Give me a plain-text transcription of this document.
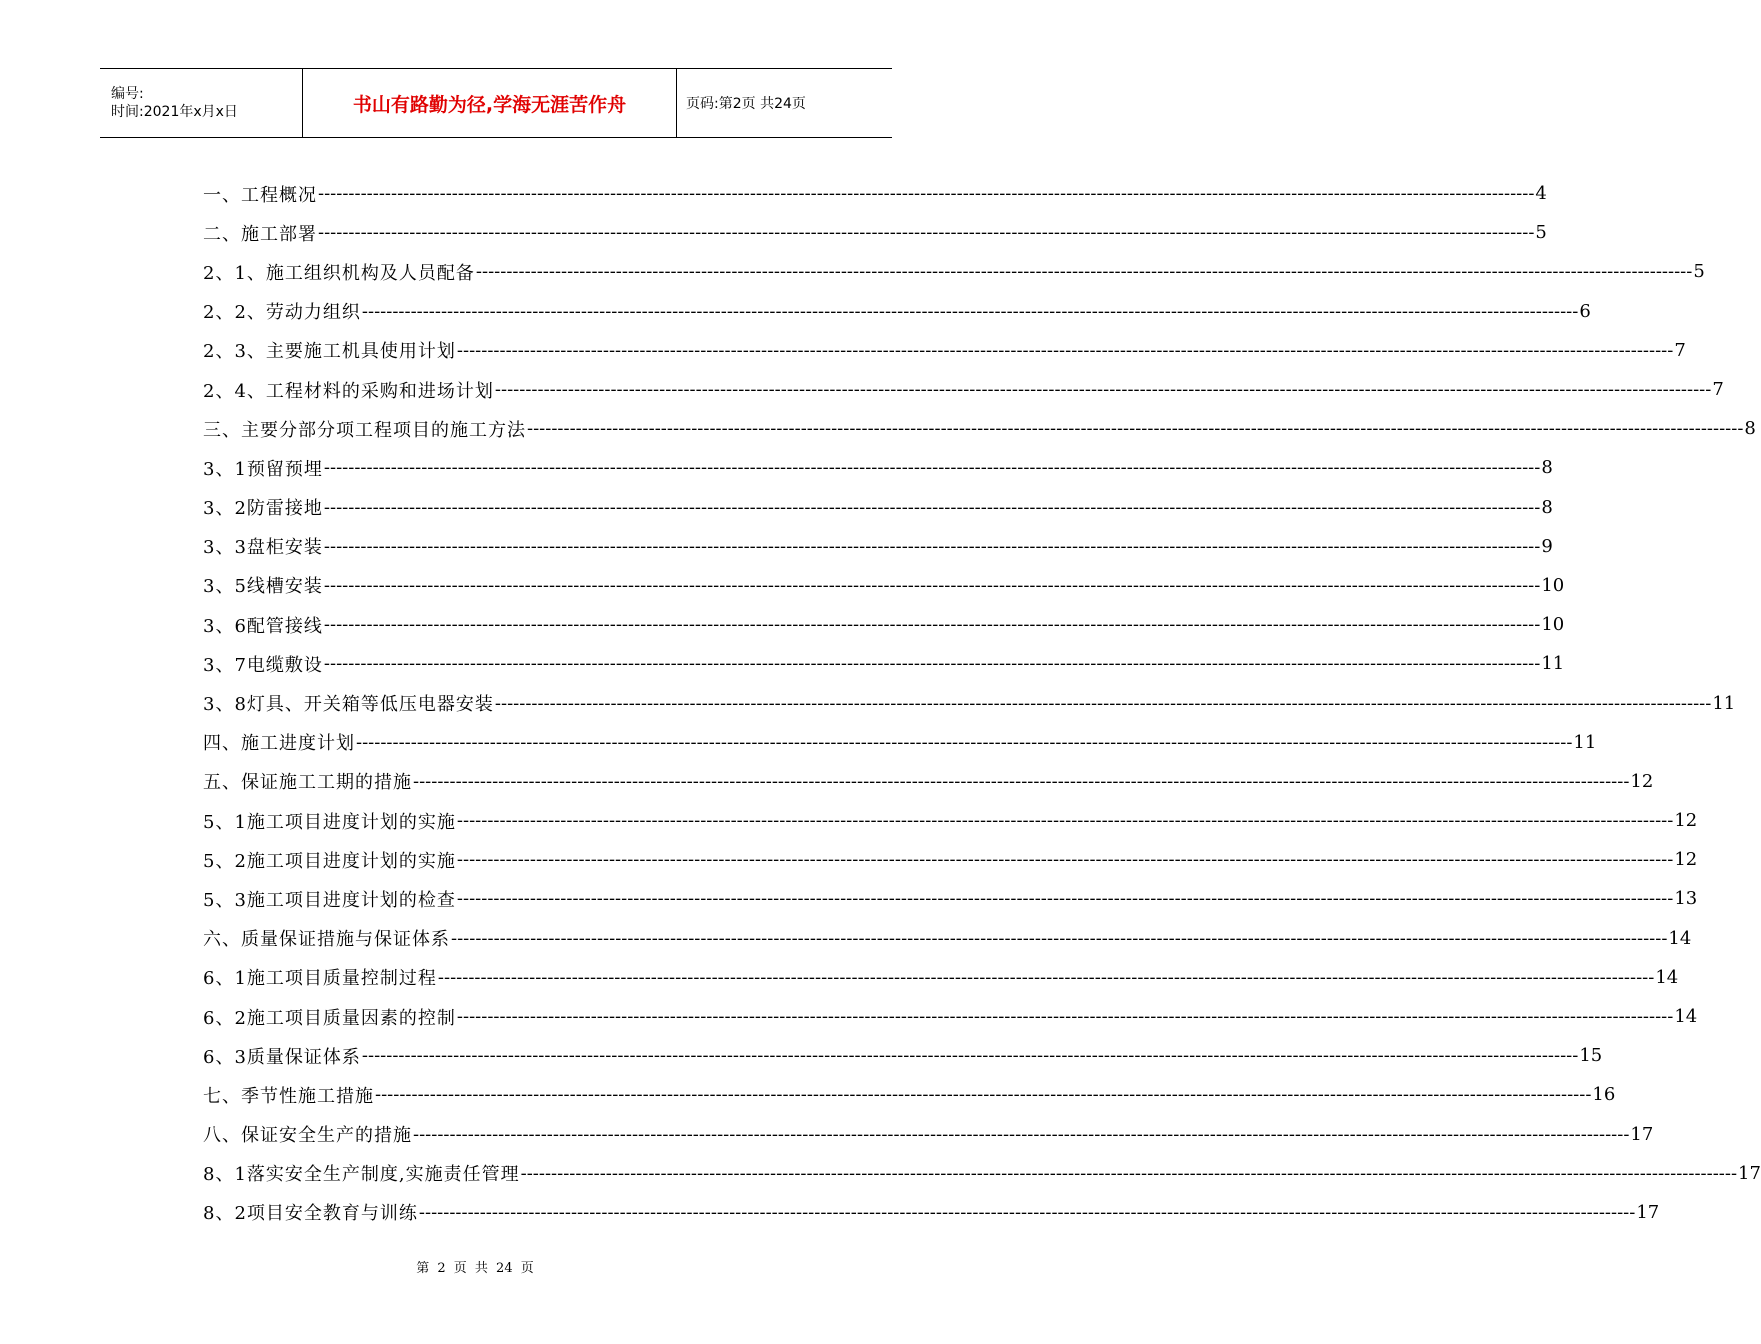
编号:
时间:2021年x月x日	书山有路勤为径,学海无涯苦作舟	页码:第2页 共24页
一、工程概况 -------------------------------------------------------------------------------------------------------------------------------------------------------------------------------------------------------- 4
二、施工部署 -------------------------------------------------------------------------------------------------------------------------------------------------------------------------------------------------------- 5
2、1、施工组织机构及人员配备 -------------------------------------------------------------------------------------------------------------------------------------------------------------------------------------------------------- 5
2、2、劳动力组织 -------------------------------------------------------------------------------------------------------------------------------------------------------------------------------------------------------- 6
2、3、主要施工机具使用计划 -------------------------------------------------------------------------------------------------------------------------------------------------------------------------------------------------------- 7
2、4、工程材料的采购和进场计划 -------------------------------------------------------------------------------------------------------------------------------------------------------------------------------------------------------- 7
三、主要分部分项工程项目的施工方法 -------------------------------------------------------------------------------------------------------------------------------------------------------------------------------------------------------- 8
3、1预留预埋 -------------------------------------------------------------------------------------------------------------------------------------------------------------------------------------------------------- 8
3、2防雷接地 -------------------------------------------------------------------------------------------------------------------------------------------------------------------------------------------------------- 8
3、3盘柜安装 -------------------------------------------------------------------------------------------------------------------------------------------------------------------------------------------------------- 9
3、5线槽安装 -------------------------------------------------------------------------------------------------------------------------------------------------------------------------------------------------------- 10
3、6配管接线 -------------------------------------------------------------------------------------------------------------------------------------------------------------------------------------------------------- 10
3、7电缆敷设 -------------------------------------------------------------------------------------------------------------------------------------------------------------------------------------------------------- 11
3、8灯具、开关箱等低压电器安装 -------------------------------------------------------------------------------------------------------------------------------------------------------------------------------------------------------- 11
四、施工进度计划 -------------------------------------------------------------------------------------------------------------------------------------------------------------------------------------------------------- 11
五、保证施工工期的措施 -------------------------------------------------------------------------------------------------------------------------------------------------------------------------------------------------------- 12
5、1施工项目进度计划的实施 -------------------------------------------------------------------------------------------------------------------------------------------------------------------------------------------------------- 12
5、2施工项目进度计划的实施 -------------------------------------------------------------------------------------------------------------------------------------------------------------------------------------------------------- 12
5、3施工项目进度计划的检查 -------------------------------------------------------------------------------------------------------------------------------------------------------------------------------------------------------- 13
六、质量保证措施与保证体系 -------------------------------------------------------------------------------------------------------------------------------------------------------------------------------------------------------- 14
6、1施工项目质量控制过程 -------------------------------------------------------------------------------------------------------------------------------------------------------------------------------------------------------- 14
6、2施工项目质量因素的控制 -------------------------------------------------------------------------------------------------------------------------------------------------------------------------------------------------------- 14
6、3质量保证体系 -------------------------------------------------------------------------------------------------------------------------------------------------------------------------------------------------------- 15
七、季节性施工措施 -------------------------------------------------------------------------------------------------------------------------------------------------------------------------------------------------------- 16
八、保证安全生产的措施 -------------------------------------------------------------------------------------------------------------------------------------------------------------------------------------------------------- 17
8、1落实安全生产制度,实施责任管理 -------------------------------------------------------------------------------------------------------------------------------------------------------------------------------------------------------- 17
8、2项目安全教育与训练 -------------------------------------------------------------------------------------------------------------------------------------------------------------------------------------------------------- 17
第 2 页 共 24 页
